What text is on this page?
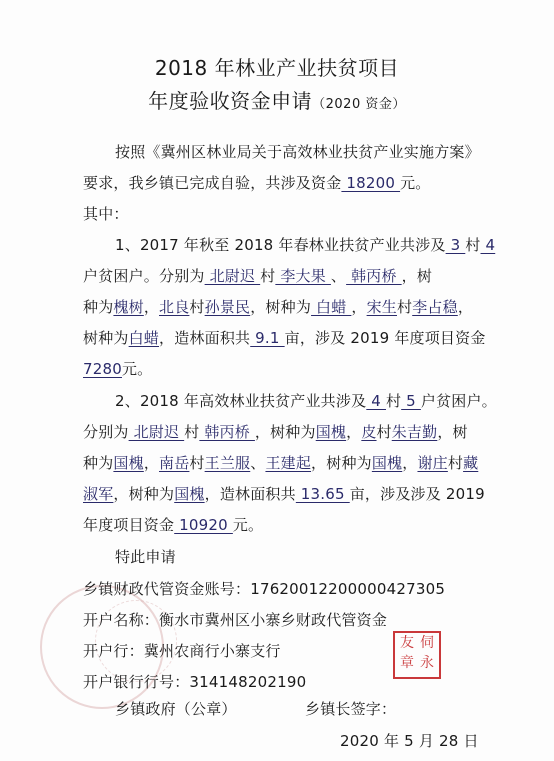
2018 年林业产业扶贫项目
年度验收资金申请（2020 资金）
按照《冀州区林业局关于高效林业扶贫产业实施方案》
要求，我乡镇已完成自验，共涉及资金 18200 元。
其中：
1、2017 年秋至 2018 年春林业扶贫产业共涉及 3 村 4
户贫困户。分别为 北尉迟 村 李大果 、 韩丙桥 ，树
种为槐树，北良村孙景民，树种为 白蜡 ，宋生村李占稳，
树种为白蜡，造林面积共 9.1 亩，涉及 2019 年度项目资金
7280元。
2、2018 年高效林业扶贫产业共涉及 4 村 5 户贫困户。
分别为 北尉迟 村 韩丙桥 ，树种为国槐，皮村朱吉勤，树
种为国槐，南岳村王兰服、王建起，树种为国槐，谢庄村藏
淑军，树种为国槐，造林面积共 13.65 亩，涉及涉及 2019
年度项目资金 10920 元。
特此申请
乡镇财政代管资金账号：17620012200000427305
开户名称：衡水市冀州区小寨乡财政代管资金
开户行：冀州农商行小寨支行
开户银行行号：314148202190
乡镇政府（公章）	乡镇长签字：
友 伺
章 永
2020 年 5 月 28 日
